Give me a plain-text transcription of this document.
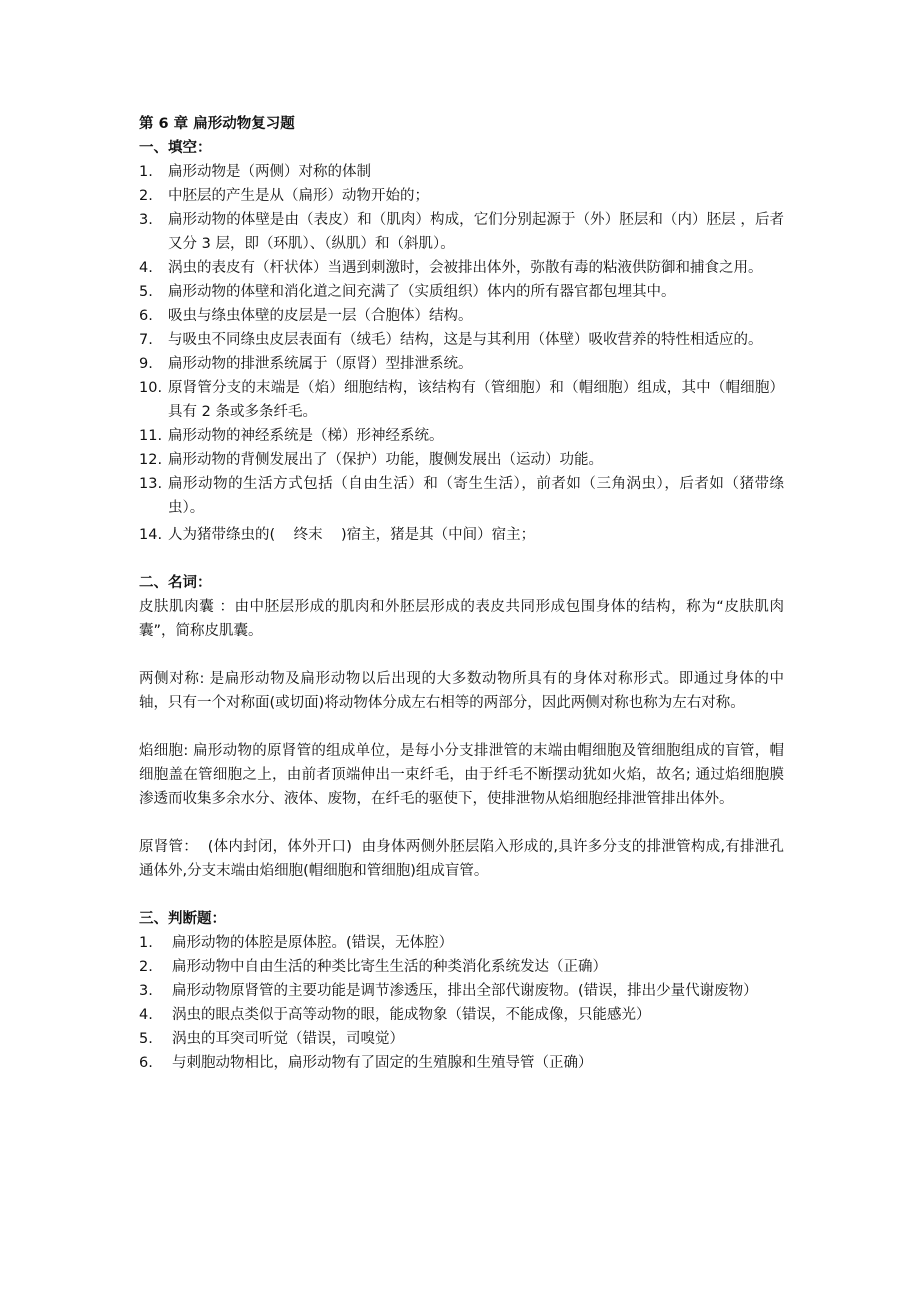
第 6 章 扁形动物复习题
一、填空：
1. 扁形动物是（两侧）对称的体制
2. 中胚层的产生是从（扁形）动物开始的；
3. 扁形动物的体壁是由（表皮）和（肌肉）构成，它们分别起源于（外）胚层和（内）胚层 ，后者又分 3 层，即（环肌）、（纵肌）和（斜肌）。
4. 涡虫的表皮有（杆状体）当遇到刺激时，会被排出体外，弥散有毒的粘液供防御和捕食之用。
5. 扁形动物的体壁和消化道之间充满了（实质组织）体内的所有器官都包埋其中。
6. 吸虫与绦虫体壁的皮层是一层（合胞体）结构。
7. 与吸虫不同绦虫皮层表面有（绒毛）结构，这是与其利用（体壁）吸收营养的特性相适应的。
9. 扁形动物的排泄系统属于（原肾）型排泄系统。
10. 原肾管分支的末端是（焰）细胞结构，该结构有（管细胞）和（帽细胞）组成，其中（帽细胞）具有 2 条或多条纤毛。
11. 扁形动物的神经系统是（梯）形神经系统。
12. 扁形动物的背侧发展出了（保护）功能，腹侧发展出（运动）功能。
13. 扁形动物的生活方式包括（自由生活）和（寄生生活），前者如（三角涡虫），后者如（猪带绦虫）。
14. 人为猪带绦虫的(    终末    )宿主，猪是其（中间）宿主；
二、名词：

皮肤肌肉囊 ：由中胚层形成的肌肉和外胚层形成的表皮共同形成包围身体的结构，称为“皮肤肌肉囊”，简称皮肌囊。

两侧对称: 是扁形动物及扁形动物以后出现的大多数动物所具有的身体对称形式。即通过身体的中轴，只有一个对称面(或切面)将动物体分成左右相等的两部分，因此两侧对称也称为左右对称。

焰细胞: 扁形动物的原肾管的组成单位，是每小分支排泄管的末端由帽细胞及管细胞组成的盲管，帽细胞盖在管细胞之上，由前者顶端伸出一束纤毛，由于纤毛不断摆动犹如火焰，故名; 通过焰细胞膜渗透而收集多余水分、液体、废物，在纤毛的驱使下，使排泄物从焰细胞经排泄管排出体外。

原肾管：  (体内封闭，体外开口)  由身体两侧外胚层陷入形成的,具许多分支的排泄管构成,有排泄孔通体外,分支末端由焰细胞(帽细胞和管细胞)组成盲管。

三、判断题：
1. 扁形动物的体腔是原体腔。(错误，无体腔）
2. 扁形动物中自由生活的种类比寄生生活的种类消化系统发达（正确）
3. 扁形动物原肾管的主要功能是调节渗透压，排出全部代谢废物。(错误，排出少量代谢废物）
4. 涡虫的眼点类似于高等动物的眼，能成物象（错误，不能成像，只能感光）
5. 涡虫的耳突司听觉（错误，司嗅觉）
6. 与刺胞动物相比，扁形动物有了固定的生殖腺和生殖导管（正确）
